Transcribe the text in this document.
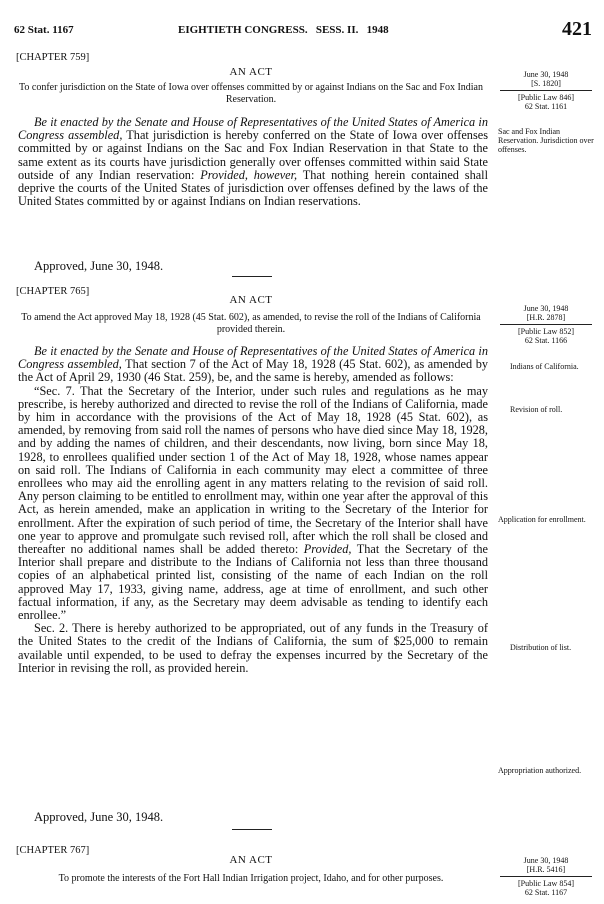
62 Stat. 1167	EIGHTIETH CONGRESS.   SESS. II.   1948	421
[CHAPTER 759]
AN ACT
To confer jurisdiction on the State of Iowa over offenses committed by or against Indians on the Sac and Fox Indian Reservation.
June 30, 1948
[S. 1820]
[Public Law 846]
62 Stat. 1161

Be it enacted by the Senate and House of Representatives of the United States of America in Congress assembled, That jurisdiction is hereby conferred on the State of Iowa over offenses committed by or against Indians on the Sac and Fox Indian Reservation in that State to the same extent as its courts have jurisdiction generally over offenses committed within said State outside of any Indian reservation: Provided, however, That nothing herein contained shall deprive the courts of the United States of jurisdiction over offenses defined by the laws of the United States committed by or against Indians on Indian reservations.

Approved, June 30, 1948.
Sac and Fox Indian Reservation. Jurisdiction over offenses.
[CHAPTER 765]
AN ACT
To amend the Act approved May 18, 1928 (45 Stat. 602), as amended, to revise the roll of the Indians of California provided therein.
June 30, 1948
[H.R. 2878]
[Public Law 852]
62 Stat. 1166

Be it enacted by the Senate and House of Representatives of the United States of America in Congress assembled, That section 7 of the Act of May 18, 1928 (45 Stat. 602), as amended by the Act of April 29, 1930 (46 Stat. 259), be, and the same is hereby, amended as follows:

“Sec. 7. That the Secretary of the Interior, under such rules and regulations as he may prescribe, is hereby authorized and directed to revise the roll of the Indians of California, made by him in accordance with the provisions of the Act of May 18, 1928 (45 Stat. 602), as amended, by removing from said roll the names of persons who have died since May 18, 1928, and by adding the names of children, and their descendants, now living, born since May 18, 1928, to enrollees qualified under section 1 of the Act of May 18, 1928, whose names appear on said roll. The Indians of California in each community may elect a committee of three enrollees who may aid the enrolling agent in any matters relating to the revision of said roll. Any person claiming to be entitled to enrollment may, within one year after the approval of this Act, as herein amended, make an application in writing to the Secretary of the Interior for enrollment. After the expiration of such period of time, the Secretary of the Interior shall have one year to approve and promulgate such revised roll, after which the roll shall be closed and thereafter no additional names shall be added thereto: Provided, That the Secretary of the Interior shall prepare and distribute to the Indians of California not less than three thousand copies of an alphabetical printed list, consisting of the name of each Indian on the roll approved May 17, 1933, giving name, address, age at time of enrollment, and such other factual information, if any, as the Secretary may deem advisable as tending to identify each enrollee.”

Sec. 2. There is hereby authorized to be appropriated, out of any funds in the Treasury of the United States to the credit of the Indians of California, the sum of $25,000 to remain available until expended, to be used to defray the expenses incurred by the Secretary of the Interior in revising the roll, as provided herein.

Approved, June 30, 1948.
Indians of California.
Revision of roll.
Application for enrollment.
Distribution of list.
Appropriation authorized.
[CHAPTER 767]
AN ACT
To promote the interests of the Fort Hall Indian Irrigation project, Idaho, and for other purposes.
June 30, 1948
[H.R. 5416]
[Public Law 854]
62 Stat. 1167
